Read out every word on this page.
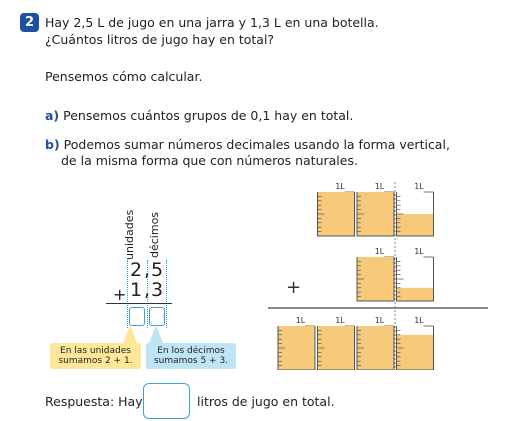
2 Hay 2,5 L de jugo en una jarra y 1,3 L en una botella.
¿Cuántos litros de jugo hay en total?
Pensemos cómo calcular.
a) Pensemos cuántos grupos de 0,1 hay en total.
b) Podemos sumar números decimales usando la forma vertical,
de la misma forma que con números naturales.
unidades décimos
2 , 5
1 , 3
+
En las unidades sumamos 2 + 1.
En los décimos sumamos 5 + 3.
1L	1L	1L
1L	1L
1L	1L	1L	1L
+
Respuesta: Hay	litros de jugo en total.
